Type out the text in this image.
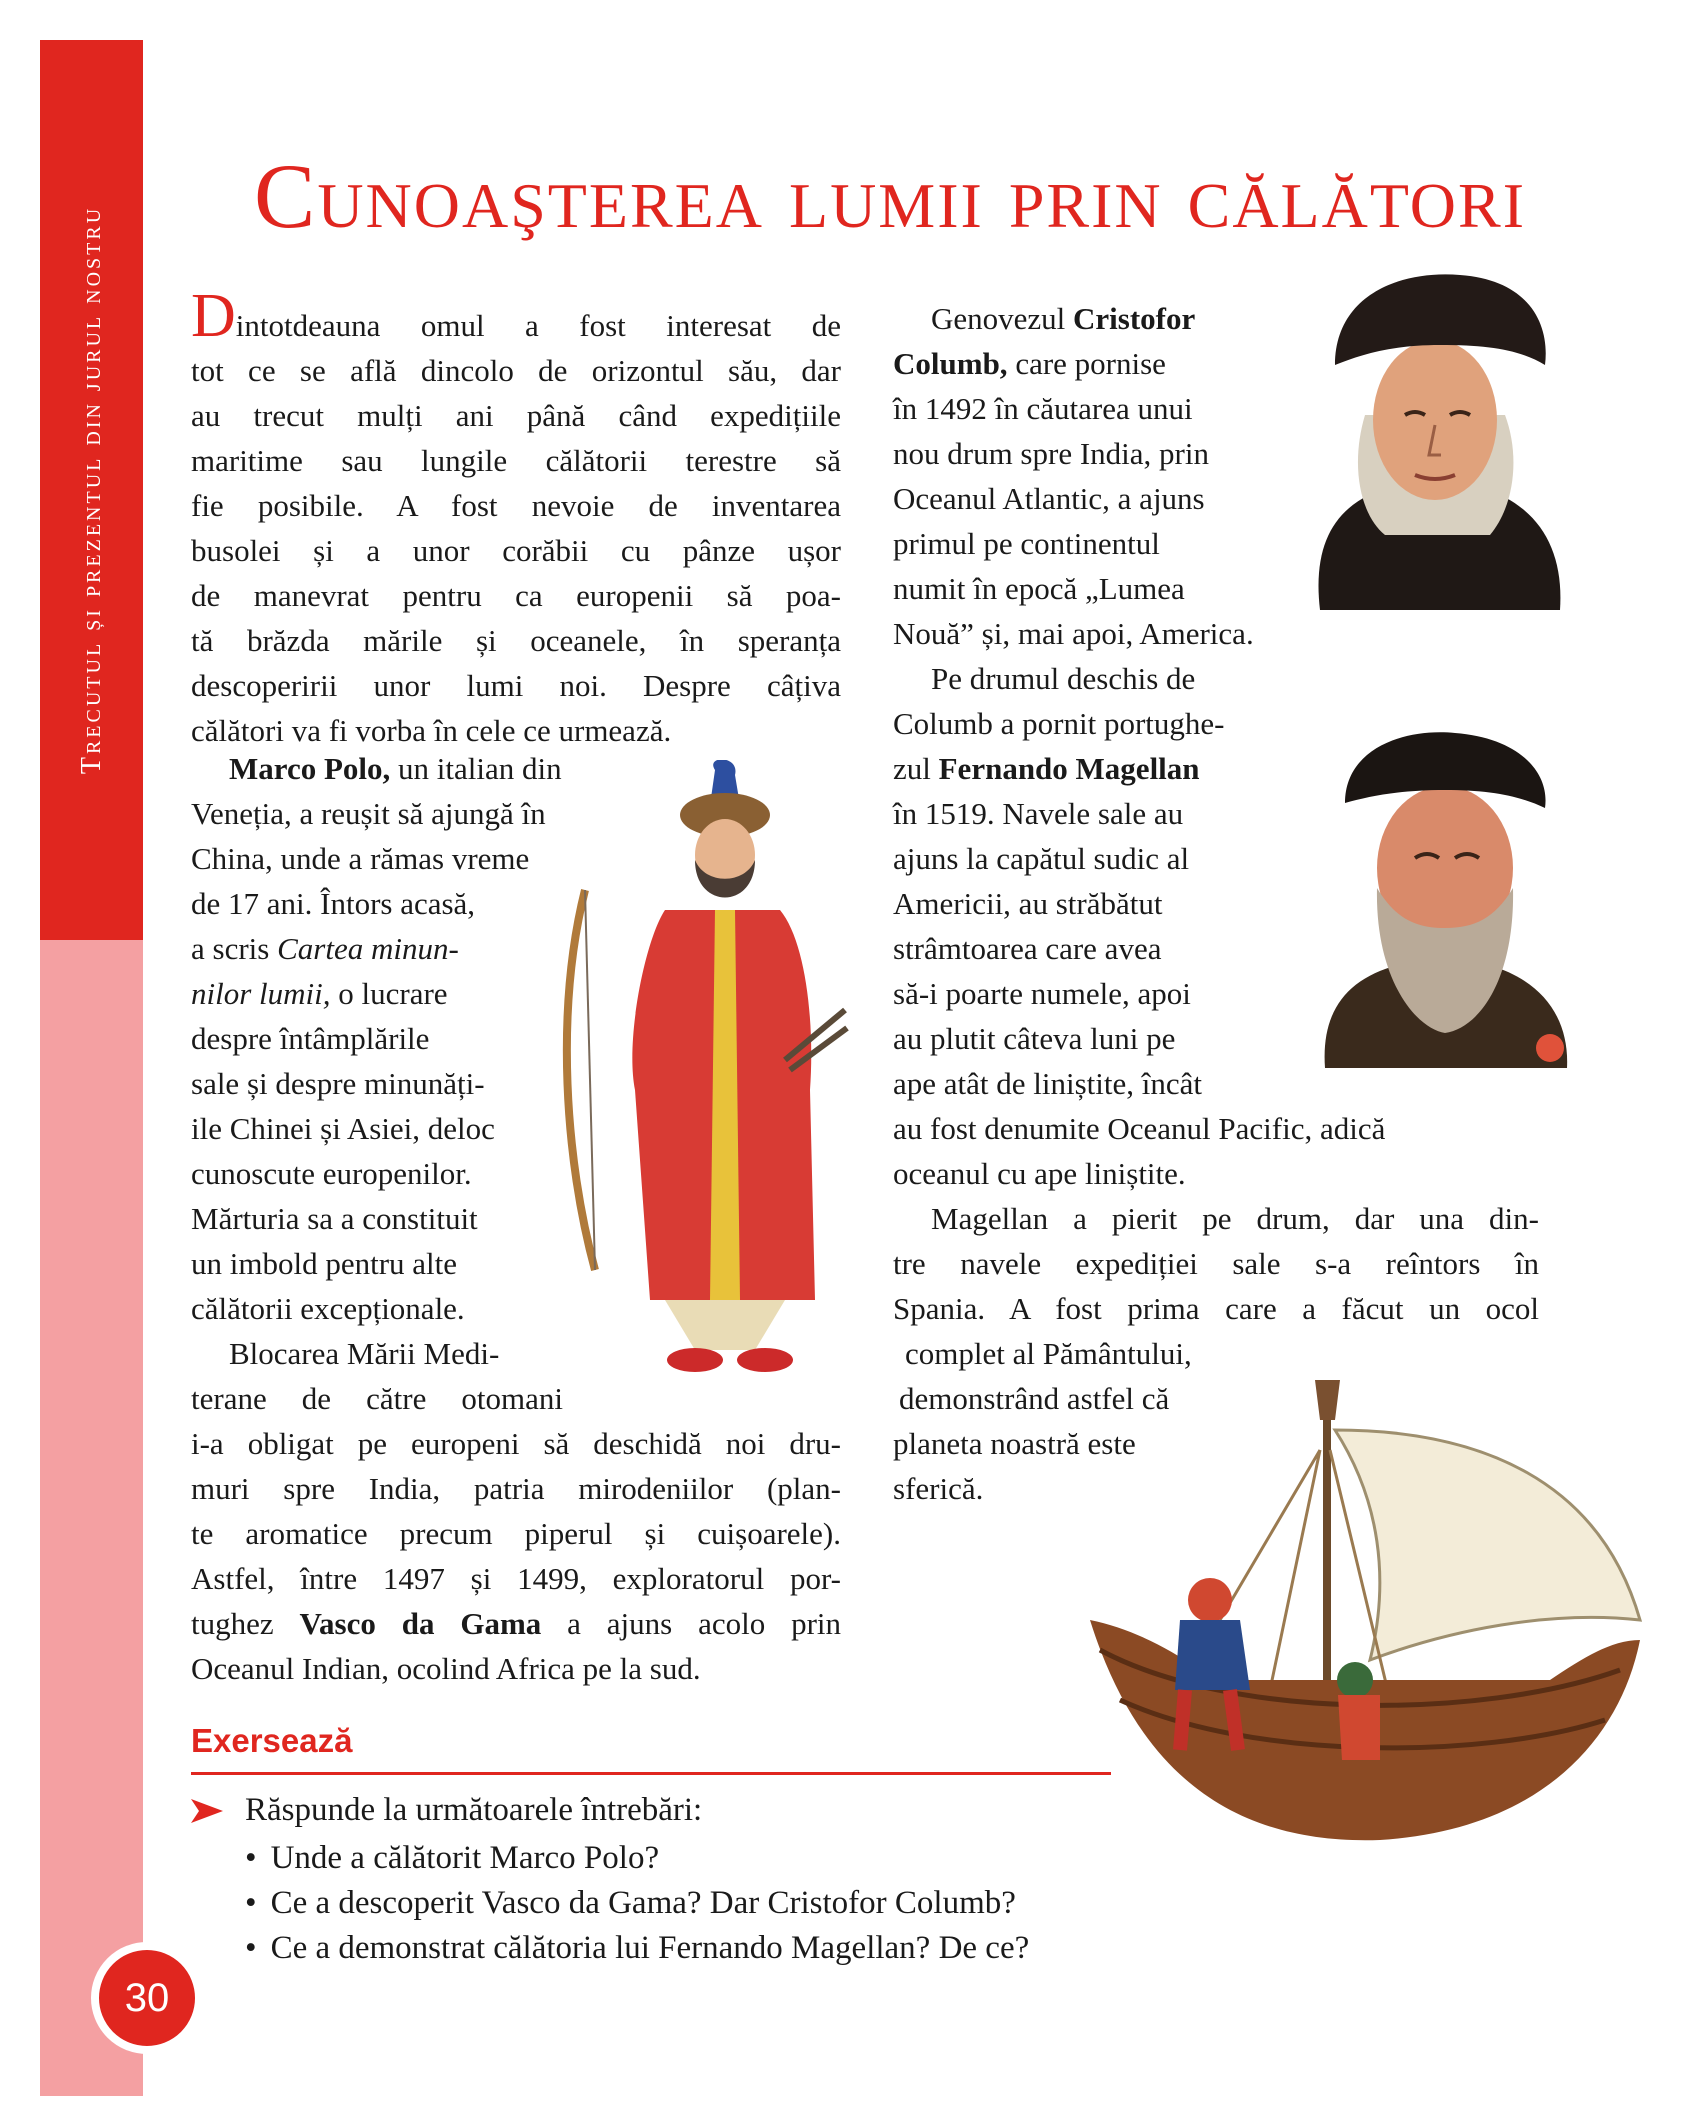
Trecutul și prezentul din jurul nostru
30
Cunoaşterea lumii prin călători
Dintotdeauna omul a fost interesat de
tot ce se află dincolo de orizontul său, dar
au trecut mulți ani până când expedițiile
maritime sau lungile călătorii terestre să
fie posibile. A fost nevoie de inventarea
busolei și a unor corăbii cu pânze ușor
de manevrat pentru ca europenii să poa-
tă brăzda mările și oceanele, în speranța
descoperirii unor lumi noi. Despre câțiva
călători va fi vorba în cele ce urmează.
Marco Polo, un italian din
Veneția, a reușit să ajungă în
China, unde a rămas vreme
de 17 ani. Întors acasă,
a scris Cartea minun-
nilor lumii, o lucrare
despre întâmplările
sale și despre minunăți-
ile Chinei și Asiei, deloc
cunoscute europenilor.
Mărturia sa a constituit
un imbold pentru alte
călătorii excepționale.
Blocarea Mării Medi-
terane de către otomani
i-a obligat pe europeni să deschidă noi dru-
muri spre India, patria mirodeniilor (plan-
te aromatice precum piperul și cuișoarele).
Astfel, între 1497 și 1499, exploratorul por-
tughez Vasco da Gama a ajuns acolo prin
Oceanul Indian, ocolind Africa pe la sud.
Genovezul Cristofor
Columb, care pornise
în 1492 în căutarea unui
nou drum spre India, prin
Oceanul Atlantic, a ajuns
primul pe continentul
numit în epocă „Lumea
Nouă” și, mai apoi, America.
Pe drumul deschis de
Columb a pornit portughe-
zul Fernando Magellan
în 1519. Navele sale au
ajuns la capătul sudic al
Americii, au străbătut
strâmtoarea care avea
să-i poarte numele, apoi
au plutit câteva luni pe
ape atât de liniștite, încât
au fost denumite Oceanul Pacific, adică
oceanul cu ape liniștite.
Magellan a pierit pe drum, dar una din-
tre navele expediției sale s-a reîntors în
Spania. A fost prima care a făcut un ocol
complet al Pământului,
demonstrând astfel că
planeta noastră este
sferică.
Exersează
Răspunde la următoarele întrebări:
• Unde a călătorit Marco Polo?
• Ce a descoperit Vasco da Gama? Dar Cristofor Columb?
• Ce a demonstrat călătoria lui Fernando Magellan? De ce?
